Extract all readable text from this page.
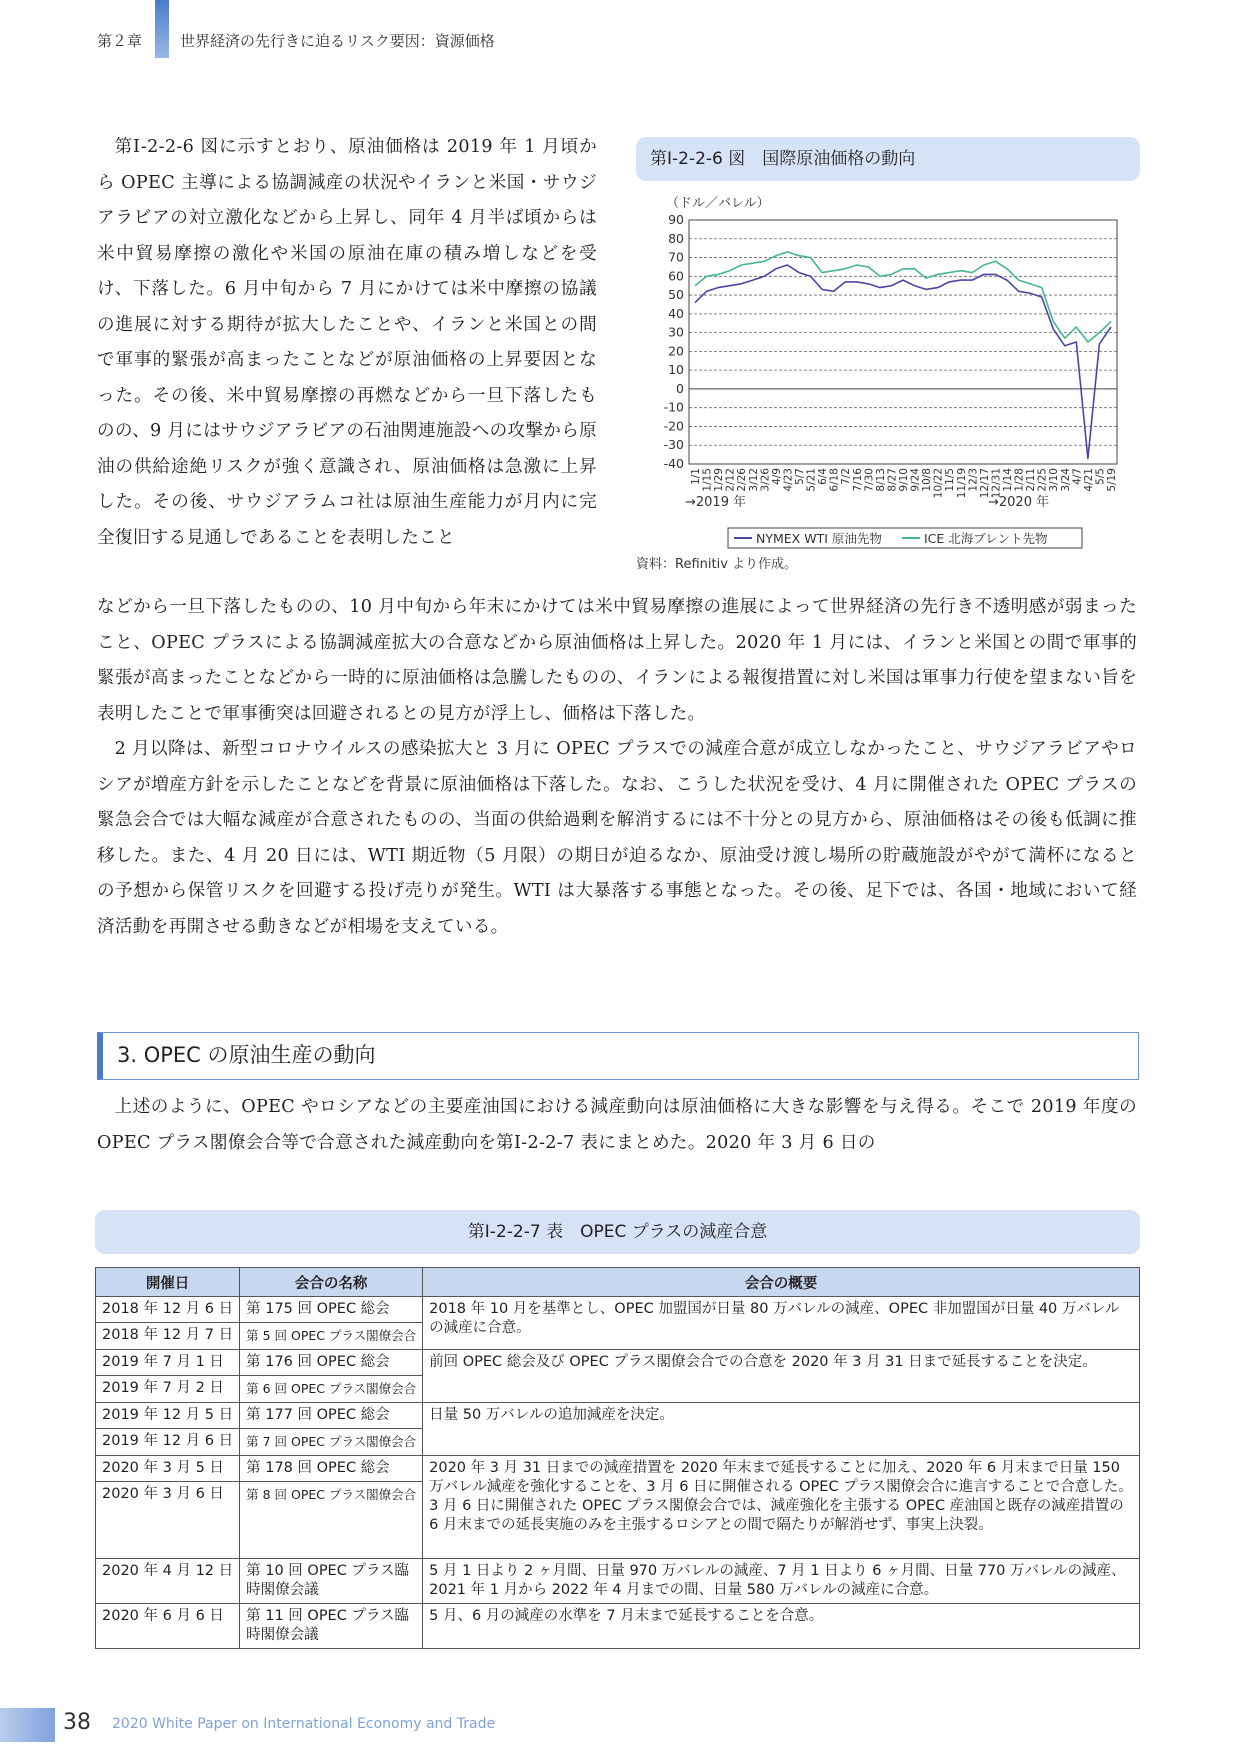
第２章	世界経済の先行きに迫るリスク要因：資源価格

第Ⅰ-2-2-6 図に示すとおり、原油価格は 2019 年 1 月頃から OPEC 主導による協調減産の状況やイランと米国・サウジアラビアの対立激化などから上昇し、同年 4 月半ば頃からは米中貿易摩擦の激化や米国の原油在庫の積み増しなどを受け、下落した。6 月中旬から 7 月にかけては米中摩擦の協議の進展に対する期待が拡大したことや、イランと米国との間で軍事的緊張が高まったことなどが原油価格の上昇要因となった。その後、米中貿易摩擦の再燃などから一旦下落したものの、9 月にはサウジアラビアの石油関連施設への攻撃から原油の供給途絶リスクが強く意識され、原油価格は急激に上昇した。その後、サウジアラムコ社は原油生産能力が月内に完全復旧する見通しであることを表明したこと

などから一旦下落したものの、10 月中旬から年末にかけては米中貿易摩擦の進展によって世界経済の先行き不透明感が弱まったこと、OPEC プラスによる協調減産拡大の合意などから原油価格は上昇した。2020 年 1 月には、イランと米国との間で軍事的緊張が高まったことなどから一時的に原油価格は急騰したものの、イランによる報復措置に対し米国は軍事力行使を望まない旨を表明したことで軍事衝突は回避されるとの見方が浮上し、価格は下落した。

2 月以降は、新型コロナウイルスの感染拡大と 3 月に OPEC プラスでの減産合意が成立しなかったこと、サウジアラビアやロシアが増産方針を示したことなどを背景に原油価格は下落した。なお、こうした状況を受け、4 月に開催された OPEC プラスの緊急会合では大幅な減産が合意されたものの、当面の供給過剰を解消するには不十分との見方から、原油価格はその後も低調に推移した。また、4 月 20 日には、WTI 期近物（5 月限）の期日が迫るなか、原油受け渡し場所の貯蔵施設がやがて満杯になるとの予想から保管リスクを回避する投げ売りが発生。WTI は大暴落する事態となった。その後、足下では、各国・地域において経済活動を再開させる動きなどが相場を支えている。

第Ⅰ-2-2-6 図　国際原油価格の動向
（ドル／バレル）
90
80
70
60
50
40
30
20
10
0
-10
-20
-30
-40
1/1 1/15 1/29 2/12 2/26 3/12 3/26 4/9 4/23 5/7 5/21 6/4 6/18 7/2 7/16 7/30 8/13 8/27 9/10 9/24 10/8 10/22 11/5 11/19 12/3 12/17 12/31 1/14 1/28 2/11 2/25 3/10 3/24 4/7 4/21 5/5 5/19
→2019 年	→2020 年
NYMEX WTI 原油先物	ICE 北海ブレント先物
資料：Refinitiv より作成。
3. OPEC の原油生産の動向

上述のように、OPEC やロシアなどの主要産油国における減産動向は原油価格に大きな影響を与え得る。そこで 2019 年度の OPEC プラス閣僚会合等で合意された減産動向を第Ⅰ-2-2-7 表にまとめた。2020 年 3 月 6 日の

第Ⅰ-2-2-7 表　OPEC プラスの減産合意
開催日	会合の名称	会合の概要
2018 年 12 月 6 日	第 175 回 OPEC 総会	2018 年 10 月を基準とし、OPEC 加盟国が日量 80 万バレルの減産、OPEC 非加盟国が日量 40 万バレルの減産に合意。
2018 年 12 月 7 日	第 5 回 OPEC プラス閣僚会合	
2019 年 7 月 1 日	第 176 回 OPEC 総会	前回 OPEC 総会及び OPEC プラス閣僚会合での合意を 2020 年 3 月 31 日まで延長することを決定。
2019 年 7 月 2 日	第 6 回 OPEC プラス閣僚会合	
2019 年 12 月 5 日	第 177 回 OPEC 総会	日量 50 万バレルの追加減産を決定。
2019 年 12 月 6 日	第 7 回 OPEC プラス閣僚会合	
2020 年 3 月 5 日	第 178 回 OPEC 総会	2020 年 3 月 31 日までの減産措置を 2020 年末まで延長することに加え、2020 年 6 月末まで日量 150 万バレル減産を強化することを、3 月 6 日に開催される OPEC プラス閣僚会合に進言することで合意した。
3 月 6 日に開催された OPEC プラス閣僚会合では、減産強化を主張する OPEC 産油国と既存の減産措置の 6 月末までの延長実施のみを主張するロシアとの間で隔たりが解消せず、事実上決裂。

2020 年 3 月 6 日	第 8 回 OPEC プラス閣僚会合	
2020 年 4 月 12 日	第 10 回 OPEC プラス臨時閣僚会議	5 月 1 日より 2 ヶ月間、日量 970 万バレルの減産、7 月 1 日より 6 ヶ月間、日量 770 万バレルの減産、2021 年 1 月から 2022 年 4 月までの間、日量 580 万バレルの減産に合意。
2020 年 6 月 6 日	第 11 回 OPEC プラス臨時閣僚会議	5 月、6 月の減産の水準を 7 月末まで延長することを合意。
38 2020 White Paper on International Economy and Trade
